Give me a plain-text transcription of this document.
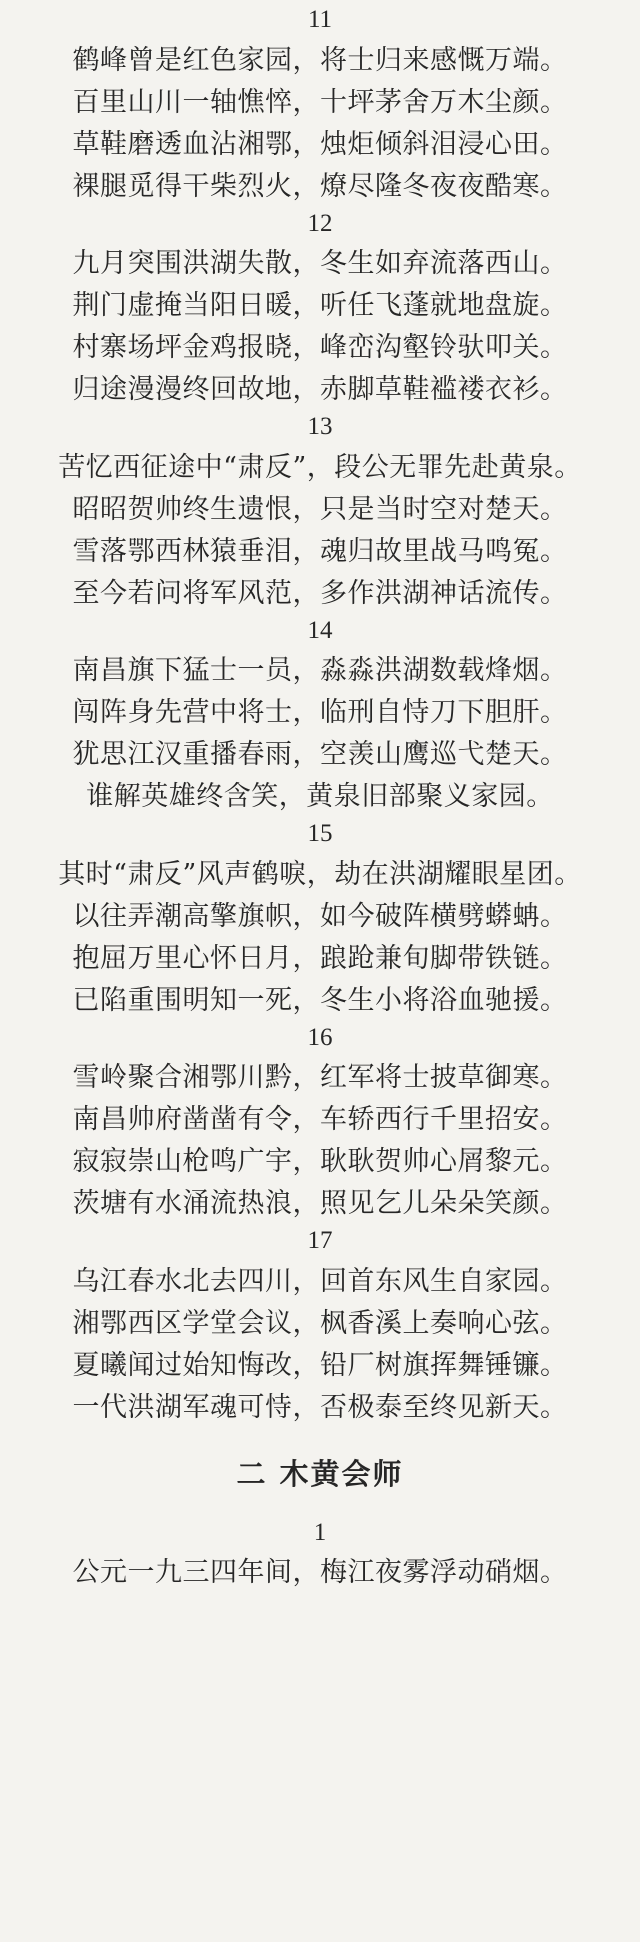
11
鹤峰曾是红色家园，将士归来感慨万端。
百里山川一轴憔悴，十坪茅舍万木尘颜。
草鞋磨透血沾湘鄂，烛炬倾斜泪浸心田。
裸腿觅得干柴烈火，燎尽隆冬夜夜酷寒。
12
九月突围洪湖失散，冬生如弃流落西山。
荆门虚掩当阳日暖，听任飞蓬就地盘旋。
村寨场坪金鸡报晓，峰峦沟壑铃驮叩关。
归途漫漫终回故地，赤脚草鞋褴褛衣衫。
13
苦忆西征途中“肃反”，段公无罪先赴黄泉。
昭昭贺帅终生遗恨，只是当时空对楚天。
雪落鄂西林猿垂泪，魂归故里战马鸣冤。
至今若问将军风范，多作洪湖神话流传。
14
南昌旗下猛士一员，淼淼洪湖数载烽烟。
闯阵身先营中将士，临刑自恃刀下胆肝。
犹思江汉重播春雨，空羡山鹰巡弋楚天。
谁解英雄终含笑，黄泉旧部聚义家园。
15
其时“肃反”风声鹤唳，劫在洪湖耀眼星团。
以往弄潮高擎旗帜，如今破阵横劈蟒蚺。
抱屈万里心怀日月，踉跄兼旬脚带铁链。
已陷重围明知一死，冬生小将浴血驰援。
16
雪岭聚合湘鄂川黔，红军将士披草御寒。
南昌帅府凿凿有令，车轿西行千里招安。
寂寂崇山枪鸣广宇，耿耿贺帅心屑黎元。
茨塘有水涌流热浪，照见乞儿朵朵笑颜。
17
乌江春水北去四川，回首东风生自家园。
湘鄂西区学堂会议，枫香溪上奏响心弦。
夏曦闻过始知悔改，铅厂树旗挥舞锤镰。
一代洪湖军魂可恃，否极泰至终见新天。
二 木黄会师
1
公元一九三四年间，梅江夜雾浮动硝烟。
